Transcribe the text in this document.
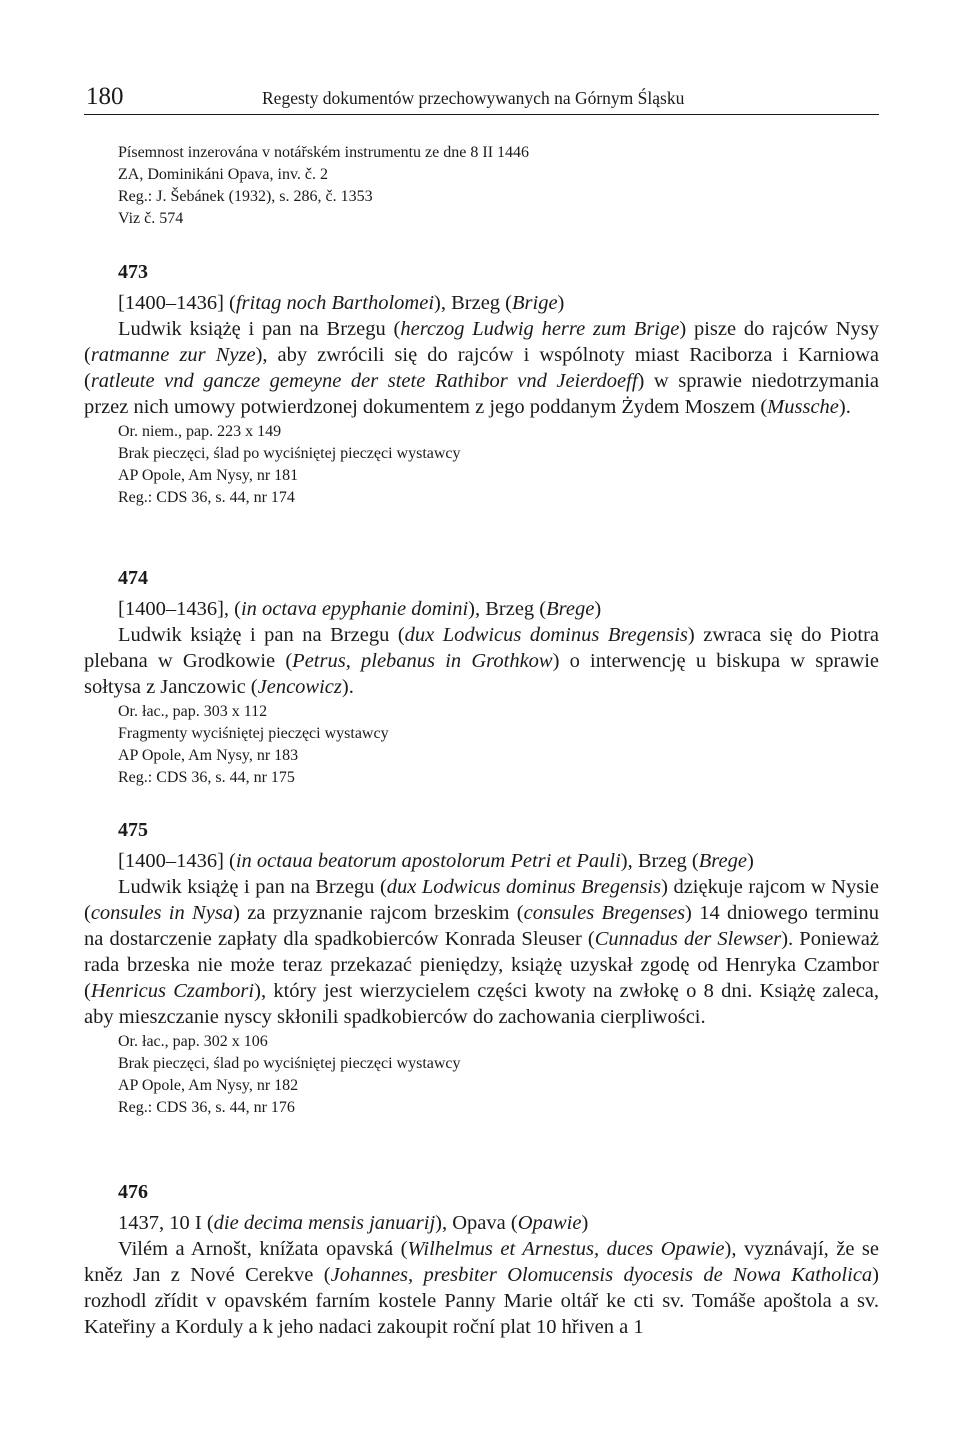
180	Regesty dokumentów przechowywanych na Górnym Śląsku
Písemnost inzerována v notářském instrumentu ze dne 8 II 1446
ZA, Dominikáni Opava, inv. č. 2
Reg.: J. Šebánek (1932), s. 286, č. 1353
Viz č. 574
473
[1400–1436] (fritag noch Bartholomei), Brzeg (Brige)
Ludwik książę i pan na Brzegu (herczog Ludwig herre zum Brige) pisze do rajców Nysy (ratmanne zur Nyze), aby zwrócili się do rajców i wspólnoty miast Raciborza i Karniowa (ratleute vnd gancze gemeyne der stete Rathibor vnd Jeierdoeff) w sprawie niedotrzymania przez nich umowy potwierdzonej dokumentem z jego poddanym Żydem Moszem (Mussche).
Or. niem., pap. 223 x 149
Brak pieczęci, ślad po wyciśniętej pieczęci wystawcy
AP Opole, Am Nysy, nr 181
Reg.: CDS 36, s. 44, nr 174
474
[1400–1436], (in octava epyphanie domini), Brzeg (Brege)
Ludwik książę i pan na Brzegu (dux Lodwicus dominus Bregensis) zwraca się do Piotra plebana w Grodkowie (Petrus, plebanus in Grothkow) o interwencję u biskupa w sprawie sołtysa z Janczowic (Jencowicz).
Or. łac., pap. 303 x 112
Fragmenty wyciśniętej pieczęci wystawcy
AP Opole, Am Nysy, nr 183
Reg.: CDS 36, s. 44, nr 175
475
[1400–1436] (in octaua beatorum apostolorum Petri et Pauli), Brzeg (Brege)
Ludwik książę i pan na Brzegu (dux Lodwicus dominus Bregensis) dziękuje rajcom w Nysie (consules in Nysa) za przyznanie rajcom brzeskim (consules Bregenses) 14 dniowego terminu na dostarczenie zapłaty dla spadkobierców Konrada Sleuser (Cunnadus der Slewser). Ponieważ rada brzeska nie może teraz przekazać pieniędzy, książę uzyskał zgodę od Henryka Czambor (Henricus Czambori), który jest wierzycielem części kwoty na zwłokę o 8 dni. Książę zaleca, aby mieszczanie nyscy skłonili spadkobierców do zachowania cierpliwości.
Or. łac., pap. 302 x 106
Brak pieczęci, ślad po wyciśniętej pieczęci wystawcy
AP Opole, Am Nysy, nr 182
Reg.: CDS 36, s. 44, nr 176
476
1437, 10 I (die decima mensis januarij), Opava (Opawie)
Vilém a Arnošt, knížata opavská (Wilhelmus et Arnestus, duces Opawie), vyznávají, že se kněz Jan z Nové Cerekve (Johannes, presbiter Olomucensis dyocesis de Nowa Katholica) rozhodl zřídit v opavském farním kostele Panny Marie oltář ke cti sv. Tomáše apoštola a sv. Kateřiny a Korduly a k jeho nadaci zakoupit roční plat 10 hřiven a 1
